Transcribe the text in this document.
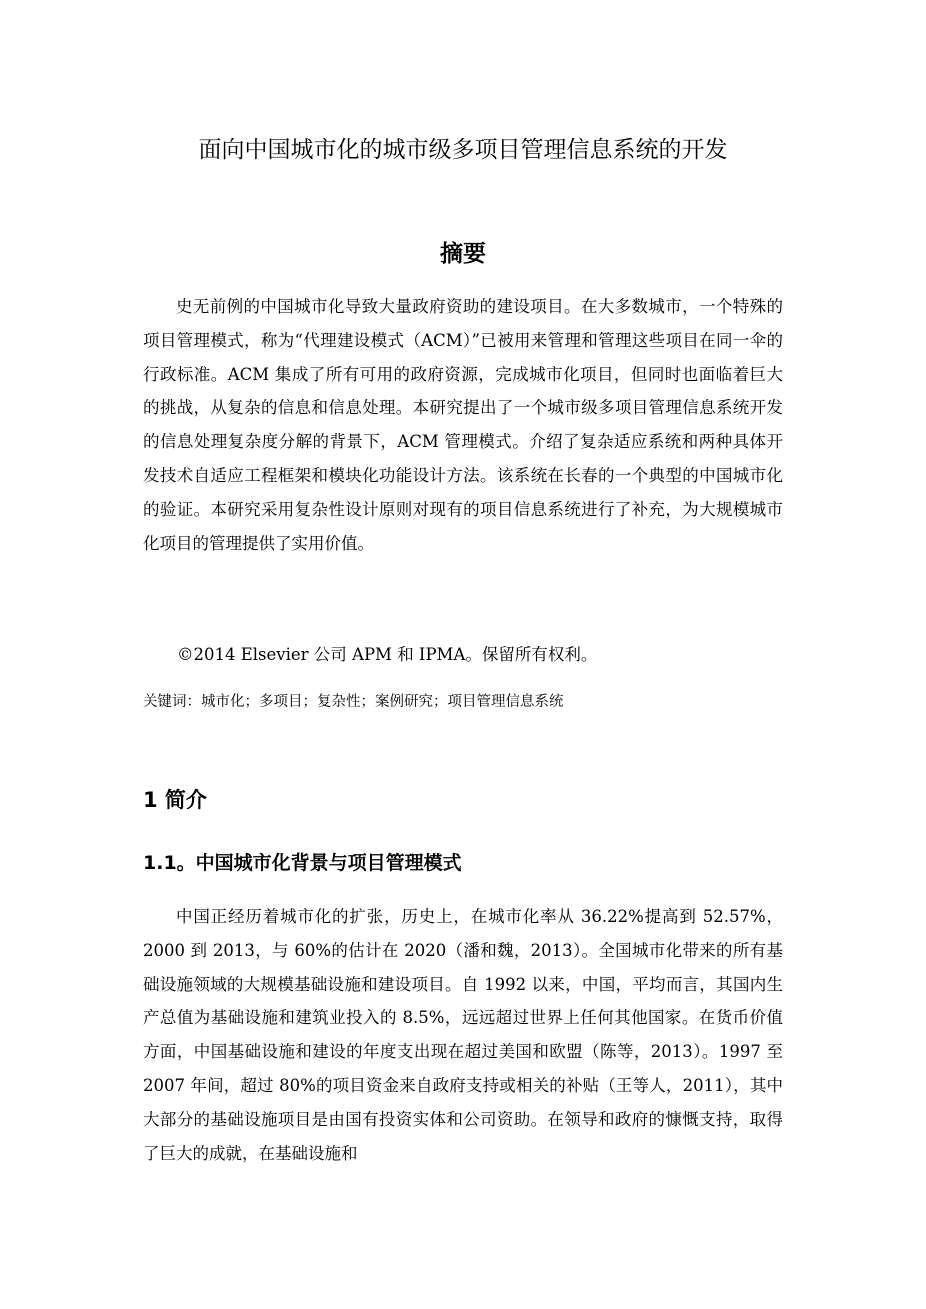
面向中国城市化的城市级多项目管理信息系统的开发
摘要

史无前例的中国城市化导致大量政府资助的建设项目。在大多数城市，一个特殊的项目管理模式，称为“代理建设模式（ACM）”已被用来管理和管理这些项目在同一伞的行政标准。ACM 集成了所有可用的政府资源，完成城市化项目，但同时也面临着巨大的挑战，从复杂的信息和信息处理。本研究提出了一个城市级多项目管理信息系统开发的信息处理复杂度分解的背景下，ACM 管理模式。介绍了复杂适应系统和两种具体开发技术自适应工程框架和模块化功能设计方法。该系统在长春的一个典型的中国城市化的验证。本研究采用复杂性设计原则对现有的项目信息系统进行了补充，为大规模城市化项目的管理提供了实用价值。

©2014 Elsevier 公司 APM 和 IPMA。保留所有权利。

关键词：城市化；多项目；复杂性；案例研究；项目管理信息系统

1 简介
1.1。中国城市化背景与项目管理模式

中国正经历着城市化的扩张，历史上，在城市化率从 36.22%提高到 52.57%，2000 到 2013，与 60%的估计在 2020（潘和魏，2013）。全国城市化带来的所有基础设施领域的大规模基础设施和建设项目。自 1992 以来，中国，平均而言，其国内生产总值为基础设施和建筑业投入的 8.5%，远远超过世界上任何其他国家。在货币价值方面，中国基础设施和建设的年度支出现在超过美国和欧盟（陈等，2013）。1997 至 2007 年间，超过 80%的项目资金来自政府支持或相关的补贴（王等人，2011），其中大部分的基础设施项目是由国有投资实体和公司资助。在领导和政府的慷慨支持，取得了巨大的成就，在基础设施和
